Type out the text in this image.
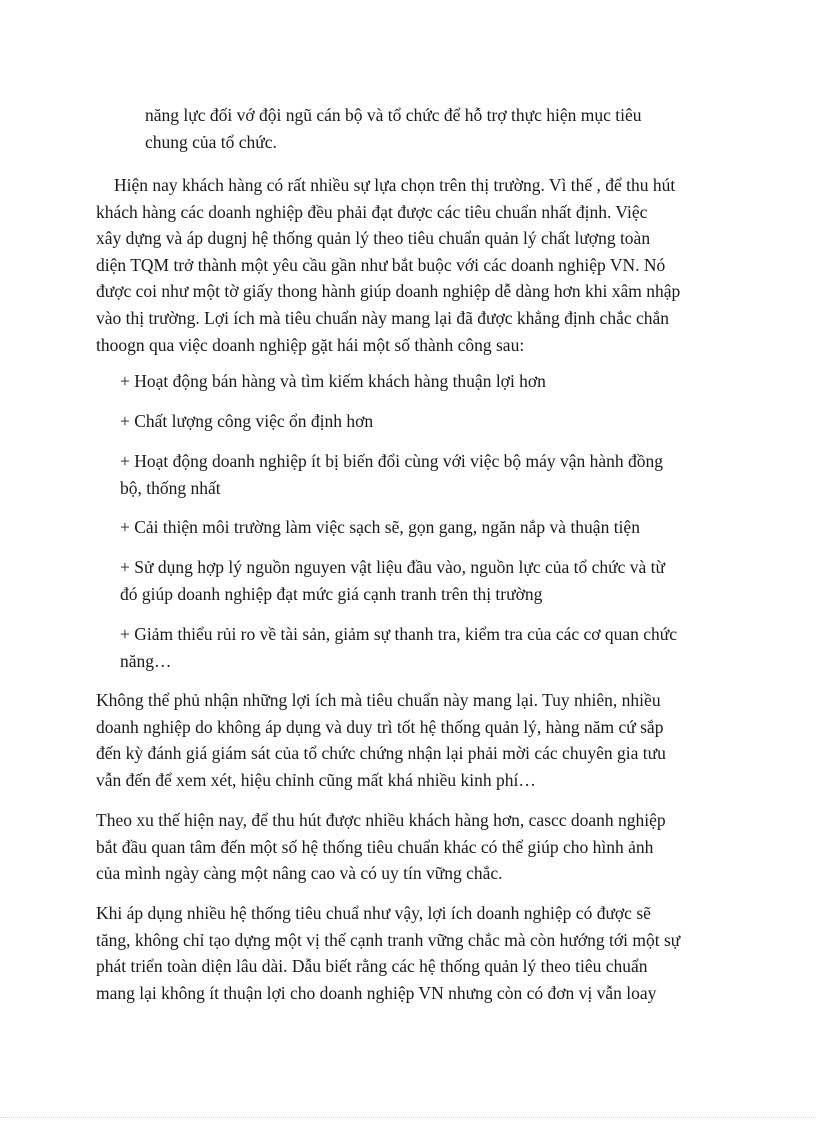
năng lực đối vớ đội ngũ cán bộ và tổ chức để hỗ trợ thực hiện mục tiêu
chung của tổ chức.

Hiện nay khách hàng có rất nhiều sự lựa chọn trên thị trường. Vì thế , để thu hút
khách hàng các doanh nghiệp đều phải đạt được các tiêu chuẩn nhất định. Việc
xây dựng và áp dugnj hệ thống quản lý theo tiêu chuẩn quản lý chất lượng toàn
diện TQM trở thành một yêu cầu gần như bắt buộc với các doanh nghiệp VN. Nó
được coi như một tờ giấy thong hành giúp doanh nghiệp dễ dàng hơn khi xâm nhập
vào thị trường. Lợi ích mà tiêu chuẩn này mang lại đã được khẳng định chắc chắn
thoogn qua việc doanh nghiệp gặt hái một số thành công sau:

+ Hoạt động bán hàng và tìm kiếm khách hàng thuận lợi hơn

+ Chất lượng công việc ổn định hơn

+ Hoạt động doanh nghiệp ít bị biến đổi cùng với việc bộ máy vận hành đồng
bộ, thống nhất

+ Cải thiện môi trường làm việc sạch sẽ, gọn gang, ngăn nắp và thuận tiện

+ Sử dụng hợp lý nguồn nguyen vật liệu đầu vào, nguồn lực của tổ chức và từ
đó giúp doanh nghiệp đạt mức giá cạnh tranh trên thị trường

+ Giảm thiểu rủi ro về tài sản, giảm sự thanh tra, kiểm tra của các cơ quan chức
năng…

Không thể phủ nhận những lợi ích mà tiêu chuẩn này mang lại. Tuy nhiên, nhiều
doanh nghiệp do không áp dụng và duy trì tốt hệ thống quản lý, hàng năm cứ sắp
đến kỳ đánh giá giám sát của tổ chức chứng nhận lại phải mời các chuyên gia tưu
vẫn đến để xem xét, hiệu chỉnh cũng mất khá nhiều kinh phí…

Theo xu thế hiện nay, để thu hút được nhiều khách hàng hơn, cascc doanh nghiệp
bắt đầu quan tâm đến một số hệ thống tiêu chuẩn khác có thể giúp cho hình ảnh
của mình ngày càng một nâng cao và có uy tín vững chắc.

Khi áp dụng nhiều hệ thống tiêu chuẩ như vậy, lợi ích doanh nghiệp có được sẽ
tăng, không chỉ tạo dựng một vị thế cạnh tranh vững chắc mà còn hướng tới một sự
phát triển toàn diện lâu dài. Dẫu biết rằng các hệ thống quản lý theo tiêu chuẩn
mang lại không ít thuận lợi cho doanh nghiệp VN nhưng còn có đơn vị vẫn loay
